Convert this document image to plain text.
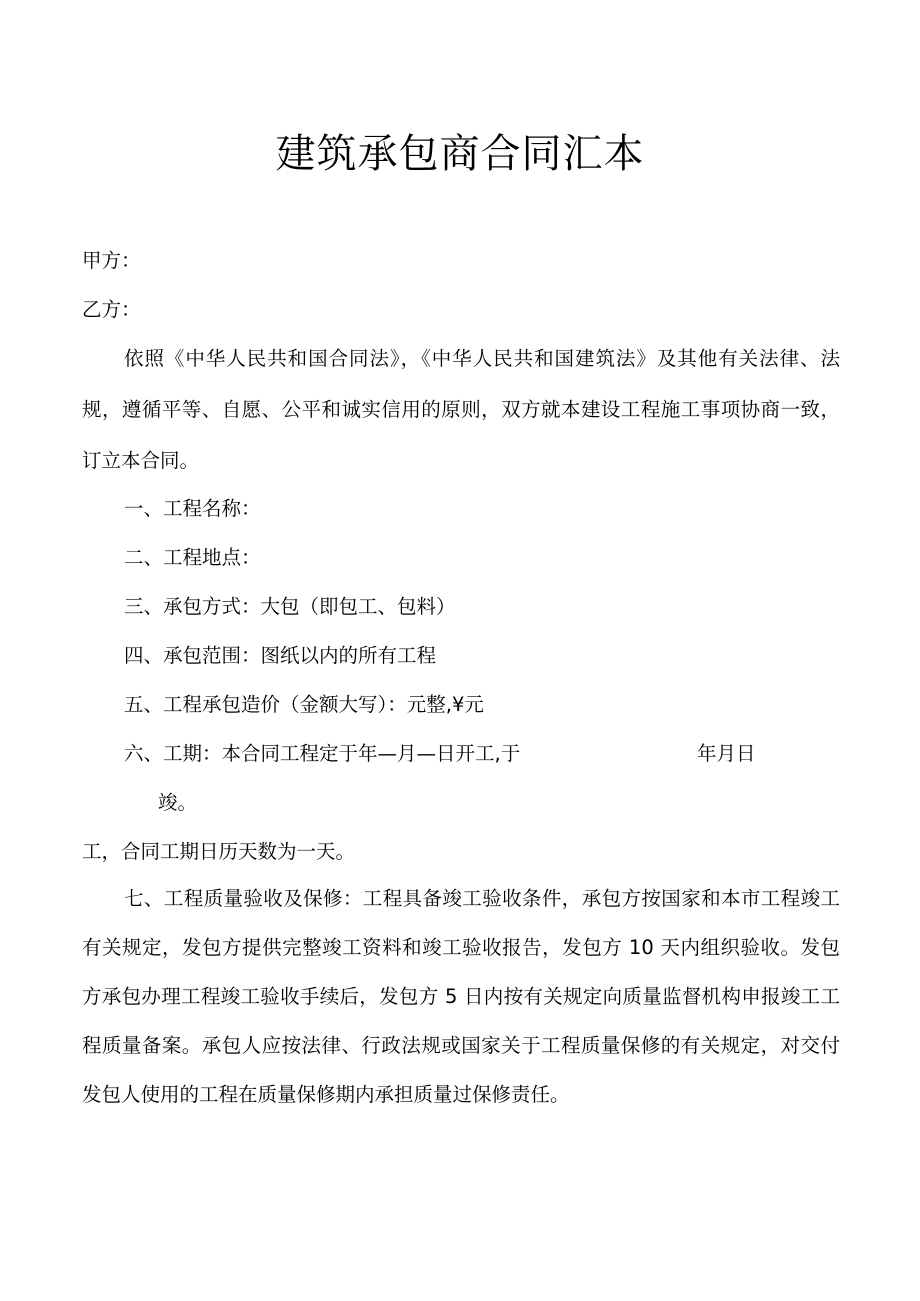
建筑承包商合同汇本

甲方：

乙方：

依照《中华人民共和国合同法》，《中华人民共和国建筑法》及其他有关法律、法

规，遵循平等、自愿、公平和诚实信用的原则，双方就本建设工程施工事项协商一致，

订立本合同。

一、工程名称：

二、工程地点：

三、承包方式：大包（即包工、包料）

四、承包范围：图纸以内的所有工程

五、工程承包造价（金额大写）：元整,¥元

六、工期：本合同工程定于年—月—日开工,于	年月日

竣。

工，合同工期日历天数为一天。

七、工程质量验收及保修：工程具备竣工验收条件，承包方按国家和本市工程竣工

有关规定，发包方提供完整竣工资料和竣工验收报告，发包方 10 天内组织验收。发包

方承包办理工程竣工验收手续后，发包方 5 日内按有关规定向质量监督机构申报竣工工

程质量备案。承包人应按法律、行政法规或国家关于工程质量保修的有关规定，对交付

发包人使用的工程在质量保修期内承担质量过保修责任。
